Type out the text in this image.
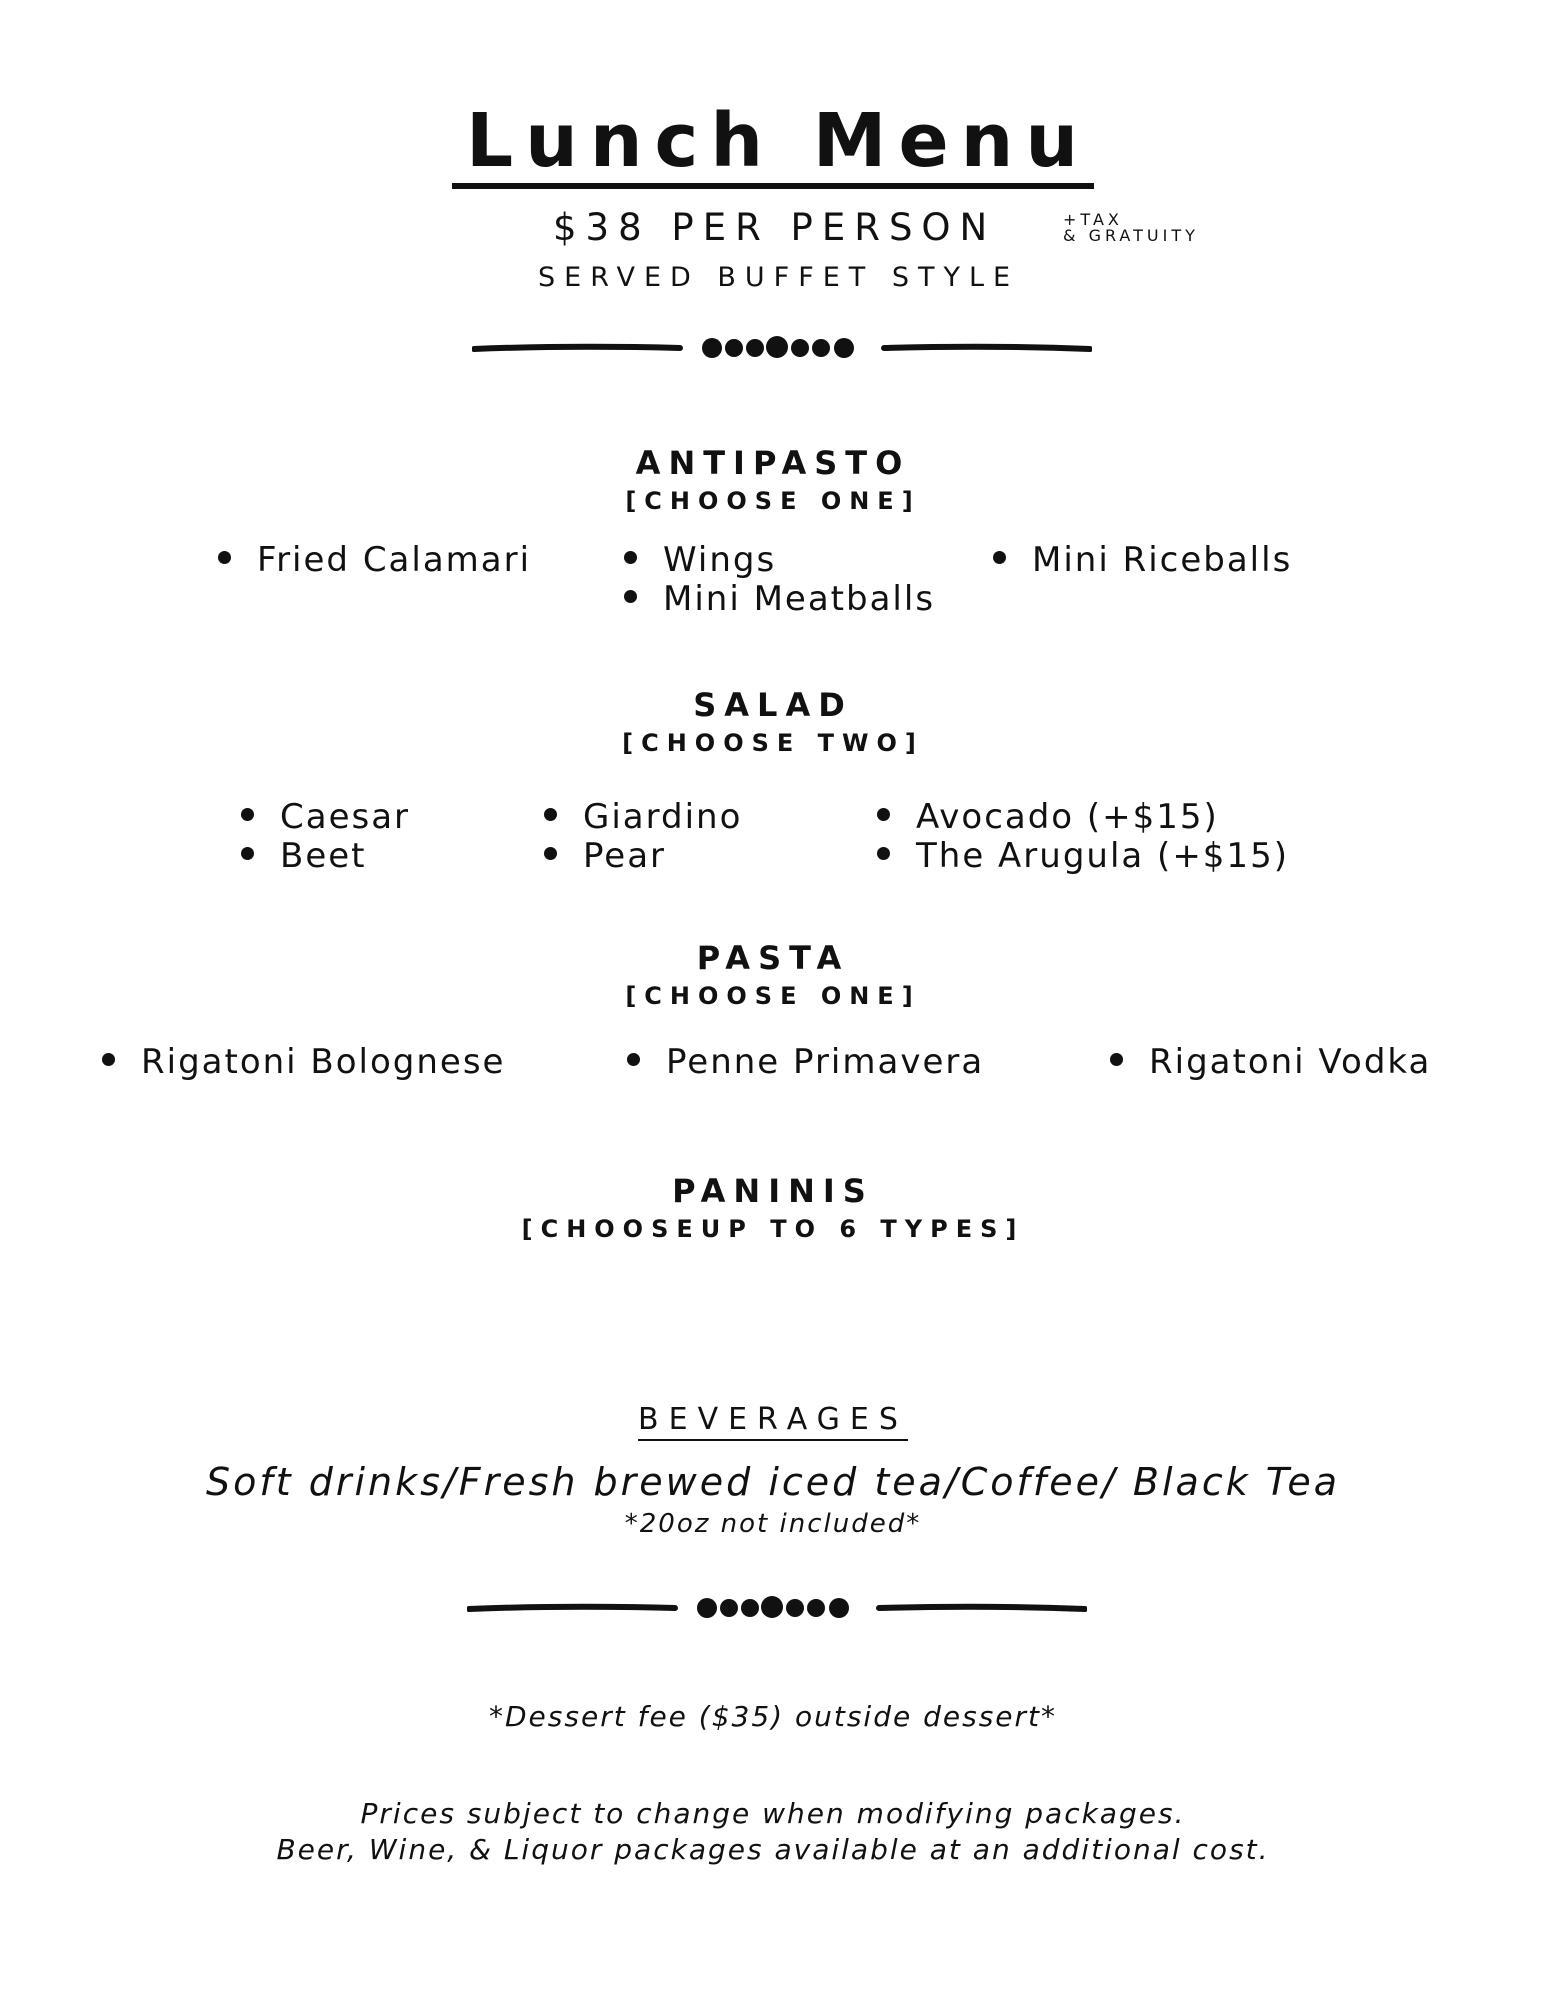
Lunch Menu
$38 PER PERSON	+TAX
& GRATUITY
SERVED BUFFET STYLE
ANTIPASTO
[CHOOSE ONE]
Fried Calamari	Wings
Mini Meatballs
Mini Riceballs
SALAD
[CHOOSE TWO]
Caesar
Beet
Giardino
Pear
Avocado (+$15)
The Arugula (+$15)
PASTA
[CHOOSE ONE]
Rigatoni Bolognese	Penne Primavera	Rigatoni Vodka
PANINIS
[CHOOSEUP TO 6 TYPES]
BEVERAGES
Soft drinks/Fresh brewed iced tea/Coffee/ Black Tea
*20oz not included*
*Dessert fee ($35) outside dessert*
Prices subject to change when modifying packages.
Beer, Wine, & Liquor packages available at an additional cost.
